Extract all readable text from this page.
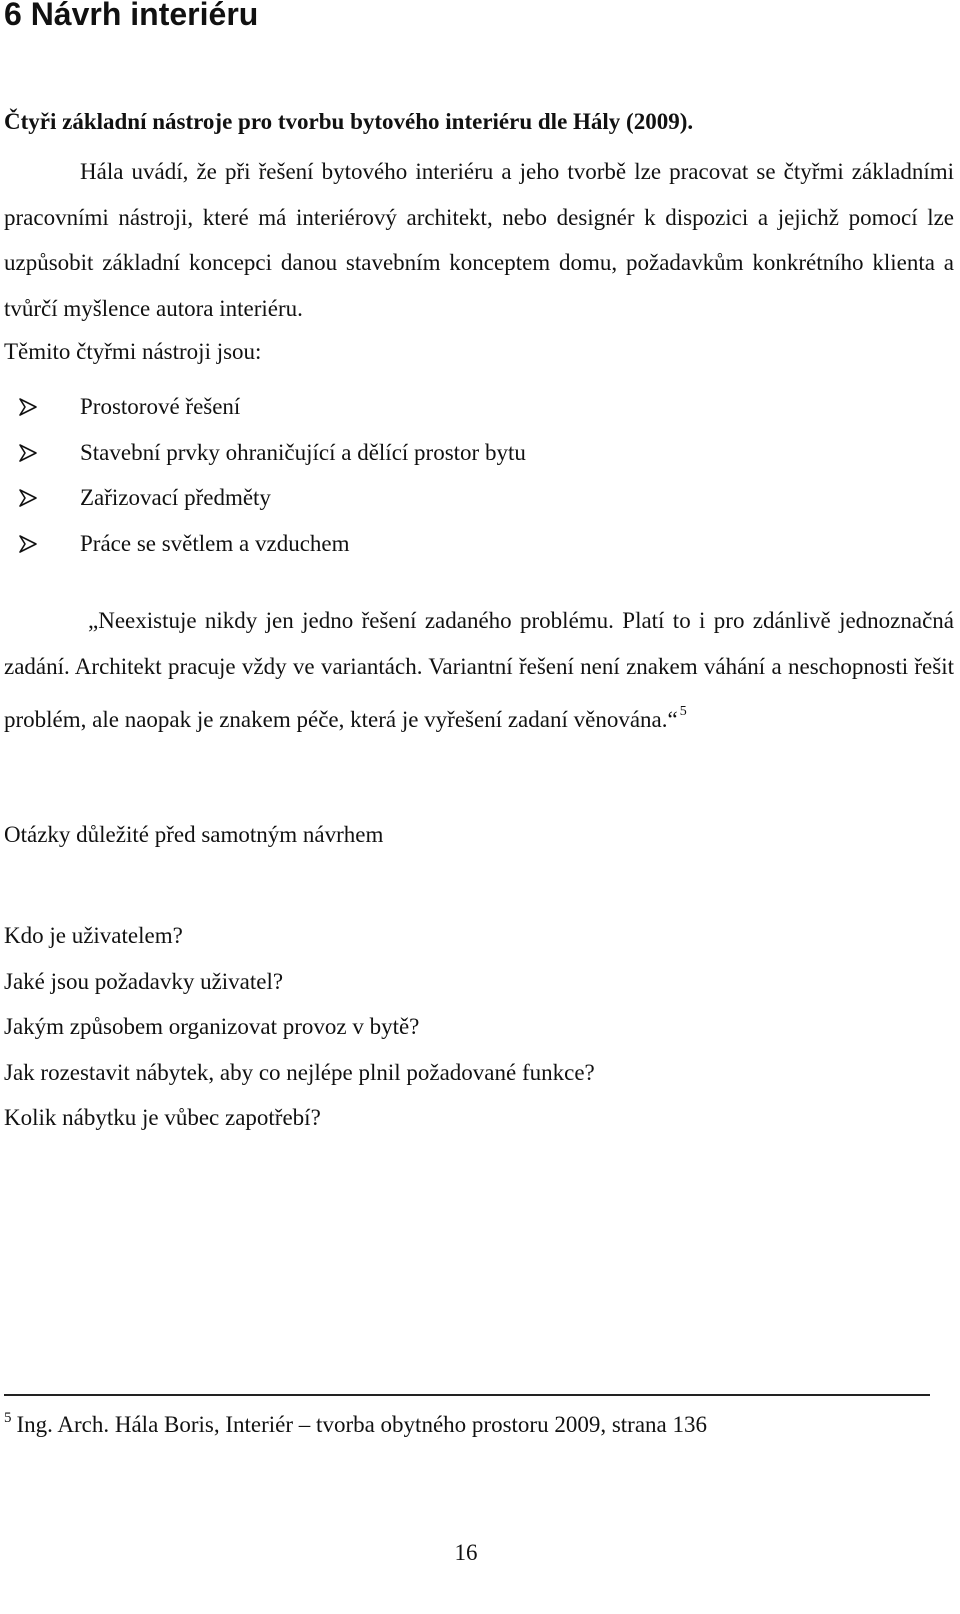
6 Návrh interiéru

Čtyři základní nástroje pro tvorbu bytového interiéru dle Hály (2009).

Hála uvádí, že při řešení bytového interiéru a jeho tvorbě lze pracovat se čtyřmi základními pracovními nástroji, které má interiérový architekt, nebo designér k dispozici a jejichž pomocí lze uzpůsobit základní koncepci danou stavebním konceptem domu, požadavkům konkrétního klienta a tvůrčí myšlence autora interiéru.

Těmito čtyřmi nástroji jsou:

Prostorové řešení
Stavební prvky ohraničující a dělící prostor bytu
Zařizovací předměty
Práce se světlem a vzduchem

„Neexistuje nikdy jen jedno řešení zadaného problému. Platí to i pro zdánlivě jednoznačná zadání. Architekt pracuje vždy ve variantách. Variantní řešení není znakem váhání a neschopnosti řešit problém, ale naopak je znakem péče, která je vyřešení zadaní věnována.“ $^5$

Otázky důležité před samotným návrhem

Kdo je uživatelem?
Jaké jsou požadavky uživatel?
Jakým způsobem organizovat provoz v bytě?
Jak rozestavit nábytek, aby co nejlépe plnil požadované funkce?
Kolik nábytku je vůbec zapotřebí?
$^5$ Ing. Arch. Hála Boris, Interiér – tvorba obytného prostoru 2009, strana 136
16
